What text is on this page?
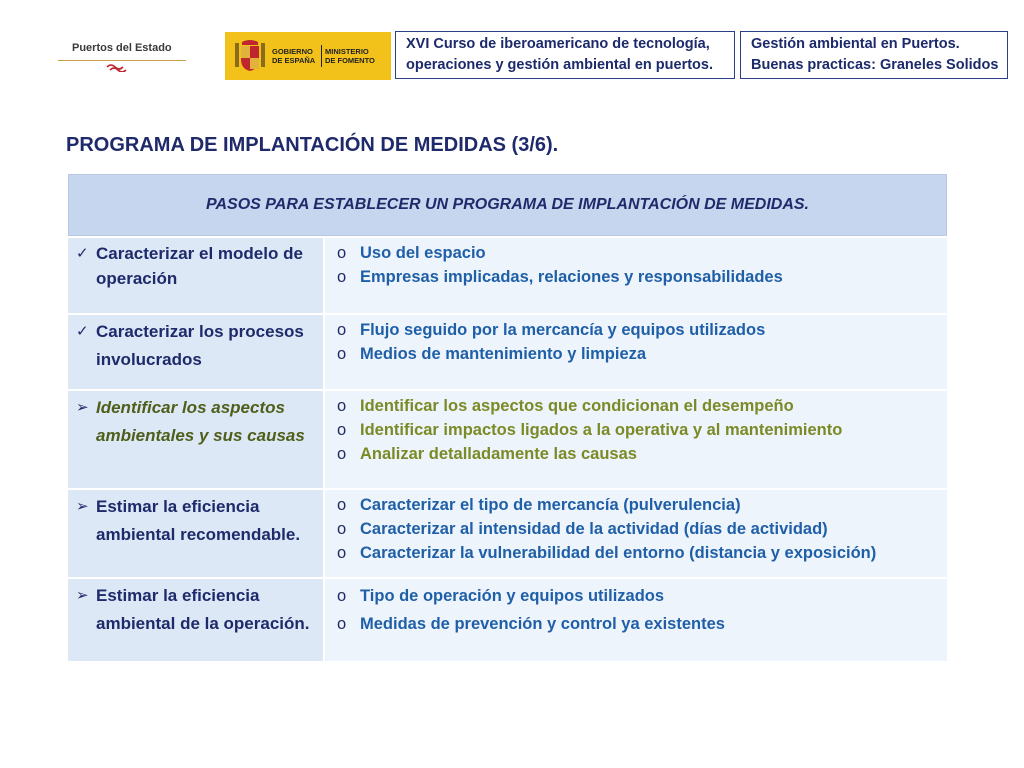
Puertos del Estado	GOBIERNO
DE ESPAÑA
MINISTERIO
DE FOMENTO
XVI Curso de iberoamericano de tecnología,
operaciones y gestión ambiental en puertos.
Gestión ambiental en Puertos.
Buenas practicas: Graneles Solidos
PROGRAMA DE IMPLANTACIÓN DE MEDIDAS (3/6).
PASOS PARA ESTABLECER UN PROGRAMA DE IMPLANTACIÓN DE MEDIDAS.
✓ Caracterizar el modelo de
operación
o Uso del espacio
o Empresas implicadas, relaciones y responsabilidades
✓ Caracterizar los procesos
involucrados
o Flujo seguido por la mercancía y equipos utilizados
o Medios de mantenimiento y limpieza
➢ Identificar los aspectos
ambientales y sus causas
o Identificar los aspectos que condicionan el desempeño
o Identificar impactos ligados a la operativa y al mantenimiento
o Analizar detalladamente las causas
➢ Estimar la eficiencia
ambiental recomendable.
o Caracterizar el tipo de mercancía (pulverulencia)
o Caracterizar al intensidad de la actividad (días de actividad)
o Caracterizar la vulnerabilidad del entorno (distancia y exposición)
➢ Estimar la eficiencia
ambiental de la operación.
o Tipo de operación y equipos utilizados
o Medidas de prevención y control ya existentes
